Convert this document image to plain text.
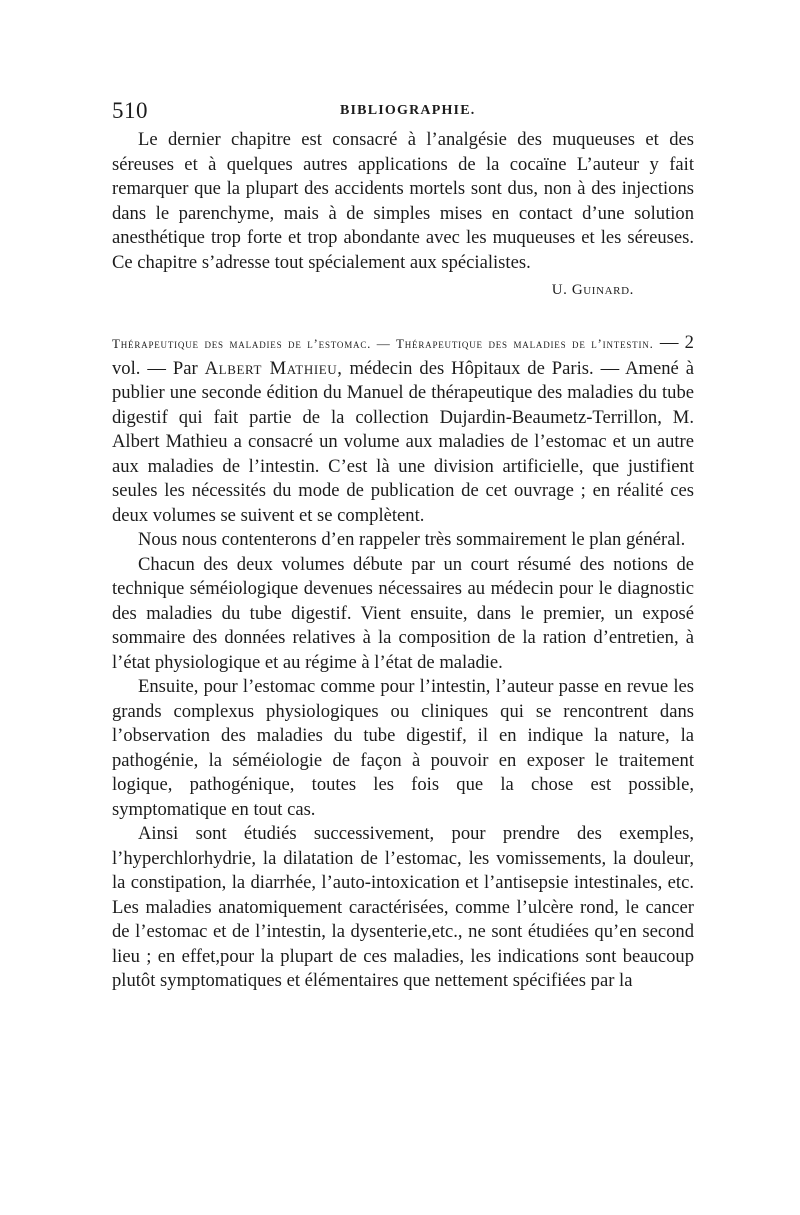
510	BIBLIOGRAPHIE.

Le dernier chapitre est consacré à l’analgésie des muqueuses et des séreuses et à quelques autres applications de la cocaïne L’auteur y fait remarquer que la plupart des accidents mortels sont dus, non à des injections dans le parenchyme, mais à de simples mises en contact d’une solution anesthétique trop forte et trop abondante avec les muqueuses et les séreuses. Ce chapitre s’adresse tout spécialement aux spécialistes.

U. Guinard.

Thérapeutique des maladies de l’estomac. — Thérapeutique des maladies de l’intestin. — 2 vol. — Par Albert Mathieu, médecin des Hôpitaux de Paris. — Amené à publier une seconde édition du Manuel de thérapeutique des maladies du tube digestif qui fait partie de la collection Dujardin-Beaumetz-Terrillon, M. Albert Mathieu a consacré un volume aux maladies de l’estomac et un autre aux maladies de l’intestin. C’est là une division artificielle, que justifient seules les nécessités du mode de publication de cet ouvrage ; en réalité ces deux volumes se suivent et se complètent.

Nous nous contenterons d’en rappeler très sommairement le plan général.

Chacun des deux volumes débute par un court résumé des notions de technique séméiologique devenues nécessaires au médecin pour le diagnostic des maladies du tube digestif. Vient ensuite, dans le premier, un exposé sommaire des données relatives à la composition de la ration d’entretien, à l’état physiologique et au régime à l’état de maladie.

Ensuite, pour l’estomac comme pour l’intestin, l’auteur passe en revue les grands complexus physiologiques ou cliniques qui se rencontrent dans l’observation des maladies du tube digestif, il en indique la nature, la pathogénie, la séméiologie de façon à pouvoir en exposer le traitement logique, pathogénique, toutes les fois que la chose est possible, symptomatique en tout cas.

Ainsi sont étudiés successivement, pour prendre des exemples, l’hyperchlorhydrie, la dilatation de l’estomac, les vomissements, la douleur, la constipation, la diarrhée, l’auto-intoxication et l’antisepsie intestinales, etc. Les maladies anatomiquement caractérisées, comme l’ulcère rond, le cancer de l’estomac et de l’intestin, la dysenterie,etc., ne sont étudiées qu’en second lieu ; en effet,pour la plupart de ces maladies, les indications sont beaucoup plutôt symptomatiques et élémentaires que nettement spécifiées par la
